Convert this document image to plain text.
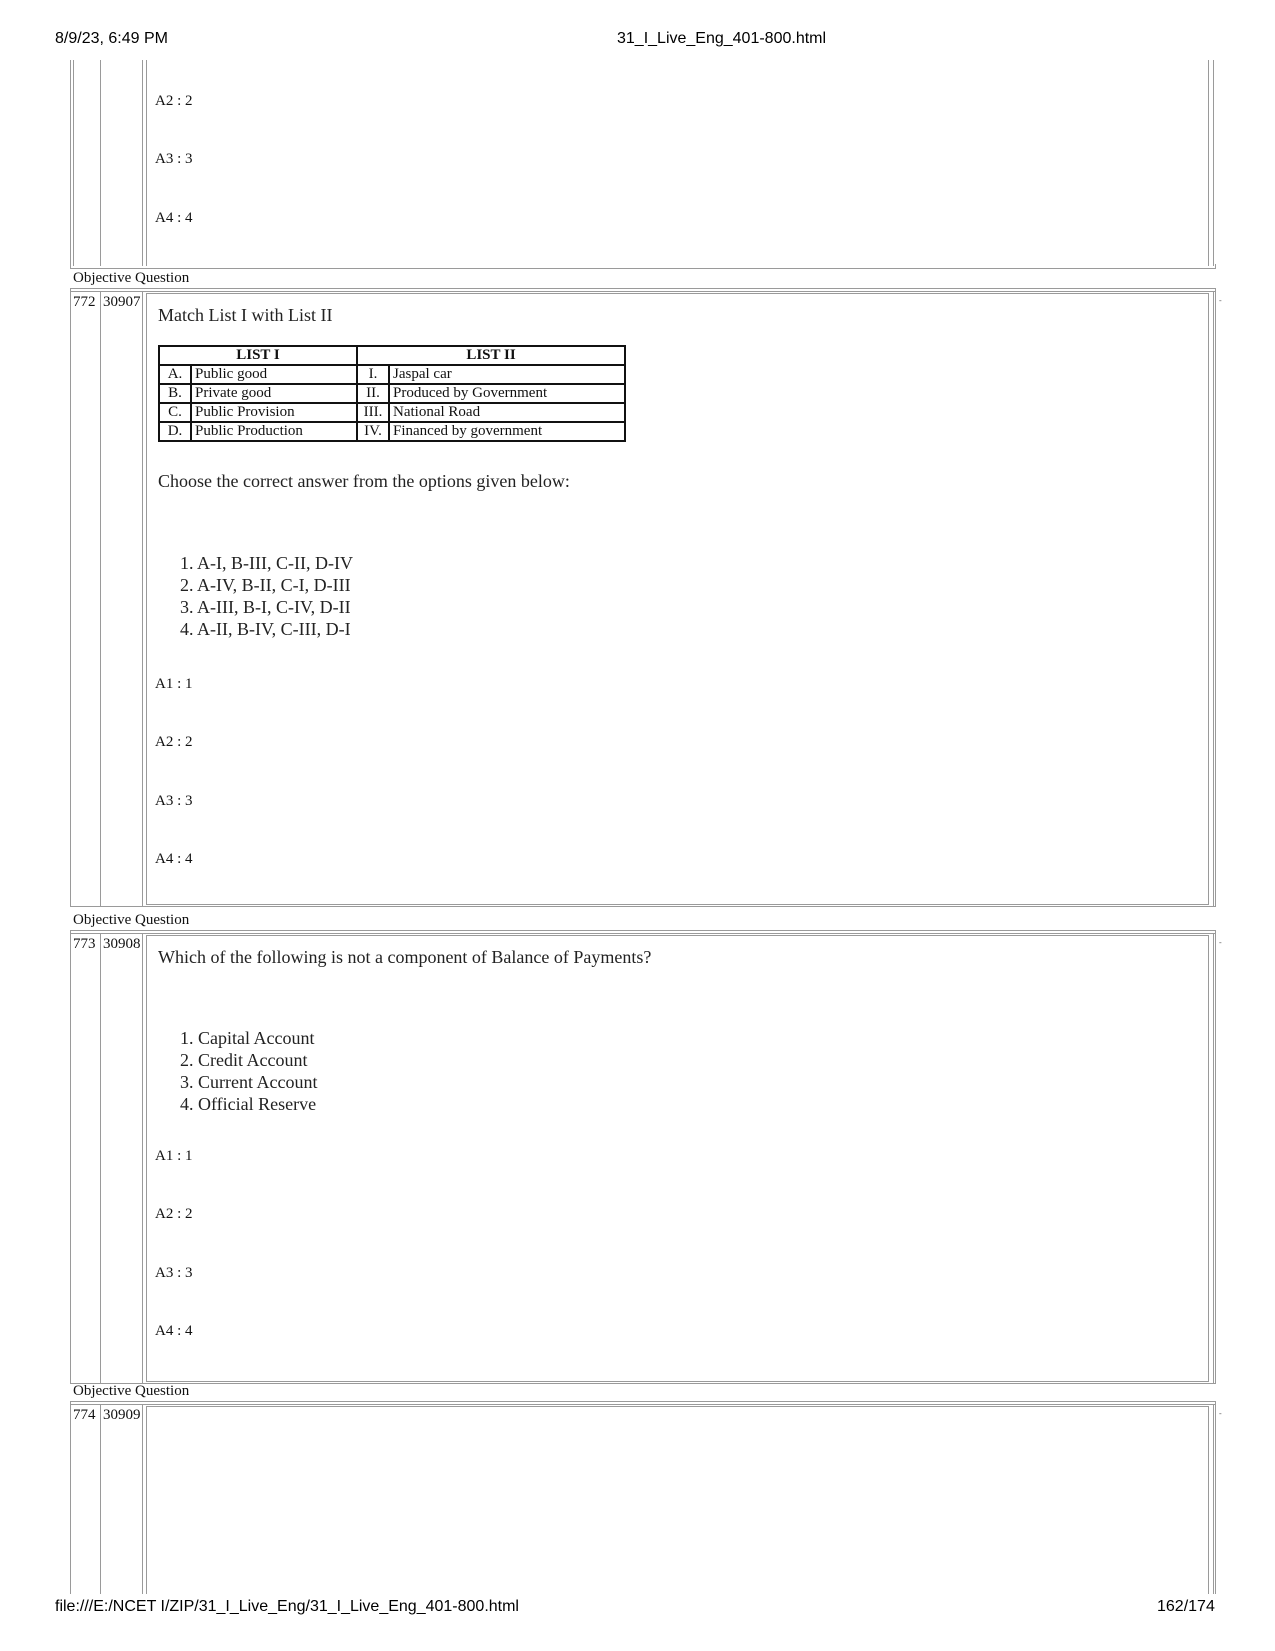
8/9/23, 6:49 PM	31_I_Live_Eng_401-800.html
file:///E:/NCET I/ZIP/31_I_Live_Eng/31_I_Live_Eng_401-800.html	162/174
A2 : 2
A3 : 3
A4 : 4
Objective Question
772 30907	-
Match List I with List II
LIST I		LIST II	
A.	Public good	I.	Jaspal car
B.	Private good	II.	Produced by Government
C.	Public Provision	III.	National Road
D.	Public Production	IV.	Financed by government
Choose the correct answer from the options given below:
1. A-I, B-III, C-II, D-IV
2. A-IV, B-II, C-I, D-III
3. A-III, B-I, C-IV, D-II
4. A-II, B-IV, C-III, D-I
A1 : 1
A2 : 2
A3 : 3
A4 : 4
Objective Question
773 30908	-
Which of the following is not a component of Balance of Payments?
1. Capital Account
2. Credit Account
3. Current Account
4. Official Reserve
A1 : 1
A2 : 2
A3 : 3
A4 : 4
Objective Question
774 30909	-
